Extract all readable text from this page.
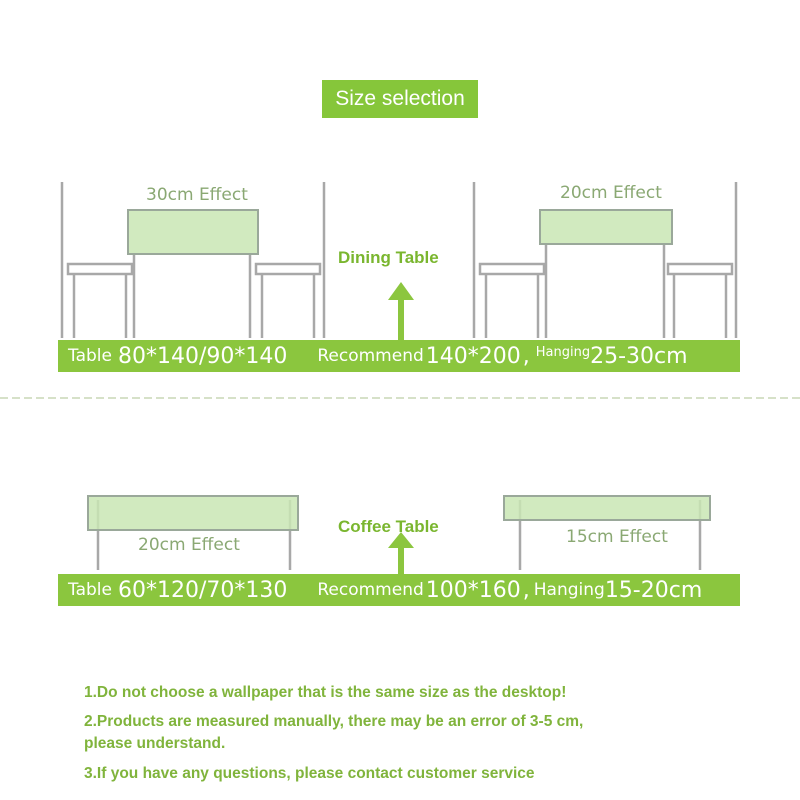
Size selection
30cm Effect	20cm Effect
Dining Table
Table 80*140/90*140 Recommend 140*200 , Hanging 25-30cm
Coffee Table
20cm Effect	15cm Effect
Table 60*120/70*130 Recommend 100*160 , Hanging 15-20cm
1.Do not choose a wallpaper that is the same size as the desktop!
2.Products are measured manually, there may be an error of 3-5 cm,
please understand.
3.If you have any questions, please contact customer service
